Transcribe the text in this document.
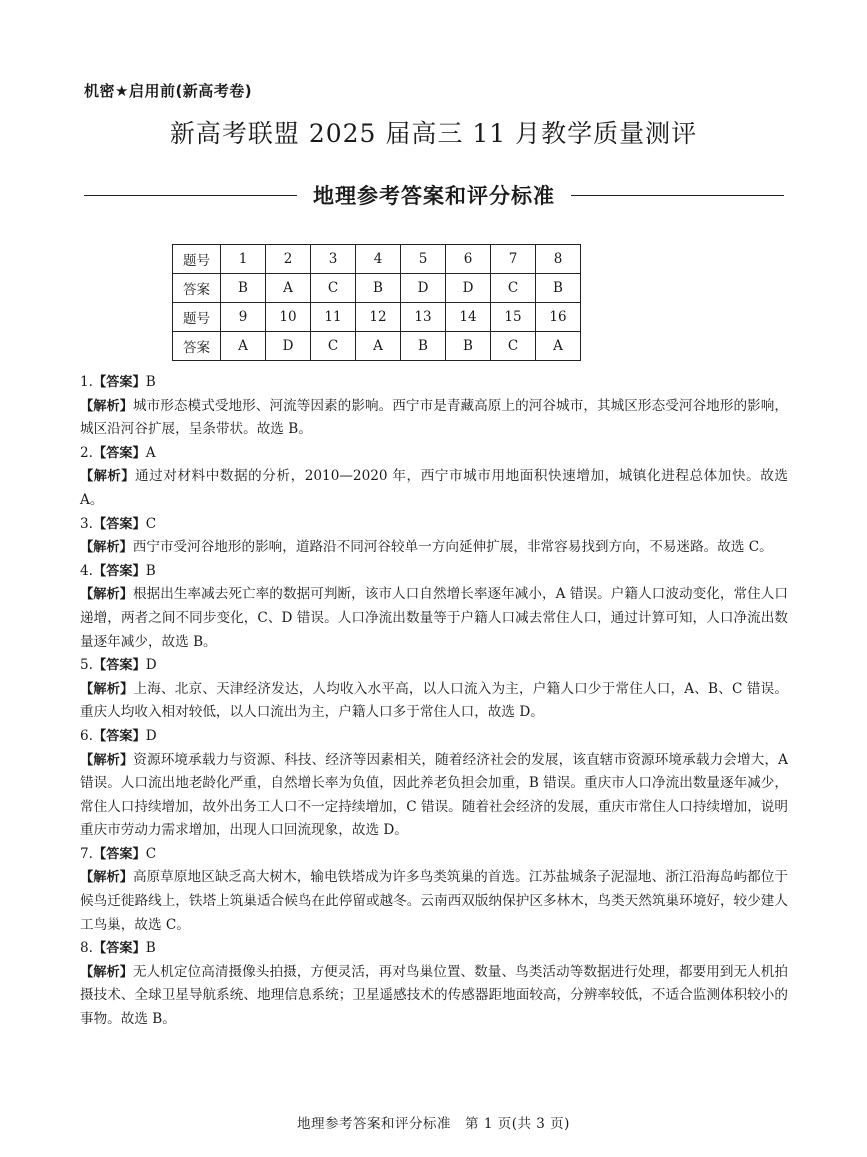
机密★启用前(新高考卷)
新高考联盟 2025 届高三 11 月教学质量测评
地理参考答案和评分标准
题号	1	2	3	4	5	6	7	8
答案	B	A	C	B	D	D	C	B
题号	9	10	11	12	13	14	15	16
答案	A	D	C	A	B	B	C	A

1.【答案】B

【解析】城市形态模式受地形、河流等因素的影响。西宁市是青藏高原上的河谷城市，其城区形态受河谷地形的影响，城区沿河谷扩展，呈条带状。故选 B。

2.【答案】A

【解析】通过对材料中数据的分析，2010—2020 年，西宁市城市用地面积快速增加，城镇化进程总体加快。故选 A。

3.【答案】C

【解析】西宁市受河谷地形的影响，道路沿不同河谷较单一方向延伸扩展，非常容易找到方向，不易迷路。故选 C。

4.【答案】B

【解析】根据出生率减去死亡率的数据可判断，该市人口自然增长率逐年减小，A 错误。户籍人口波动变化，常住人口递增，两者之间不同步变化，C、D 错误。人口净流出数量等于户籍人口减去常住人口，通过计算可知，人口净流出数量逐年减少，故选 B。

5.【答案】D

【解析】上海、北京、天津经济发达，人均收入水平高，以人口流入为主，户籍人口少于常住人口，A、B、C 错误。重庆人均收入相对较低，以人口流出为主，户籍人口多于常住人口，故选 D。

6.【答案】D

【解析】资源环境承载力与资源、科技、经济等因素相关，随着经济社会的发展，该直辖市资源环境承载力会增大，A 错误。人口流出地老龄化严重，自然增长率为负值，因此养老负担会加重，B 错误。重庆市人口净流出数量逐年减少，常住人口持续增加，故外出务工人口不一定持续增加，C 错误。随着社会经济的发展，重庆市常住人口持续增加，说明重庆市劳动力需求增加，出现人口回流现象，故选 D。

7.【答案】C

【解析】高原草原地区缺乏高大树木，输电铁塔成为许多鸟类筑巢的首选。江苏盐城条子泥湿地、浙江沿海岛屿都位于候鸟迁徙路线上，铁塔上筑巢适合候鸟在此停留或越冬。云南西双版纳保护区多林木，鸟类天然筑巢环境好，较少建人工鸟巢，故选 C。

8.【答案】B

【解析】无人机定位高清摄像头拍摄，方便灵活，再对鸟巢位置、数量、鸟类活动等数据进行处理，都要用到无人机拍摄技术、全球卫星导航系统、地理信息系统；卫星遥感技术的传感器距地面较高，分辨率较低，不适合监测体积较小的事物。故选 B。

地理参考答案和评分标准　第 1 页(共 3 页)
